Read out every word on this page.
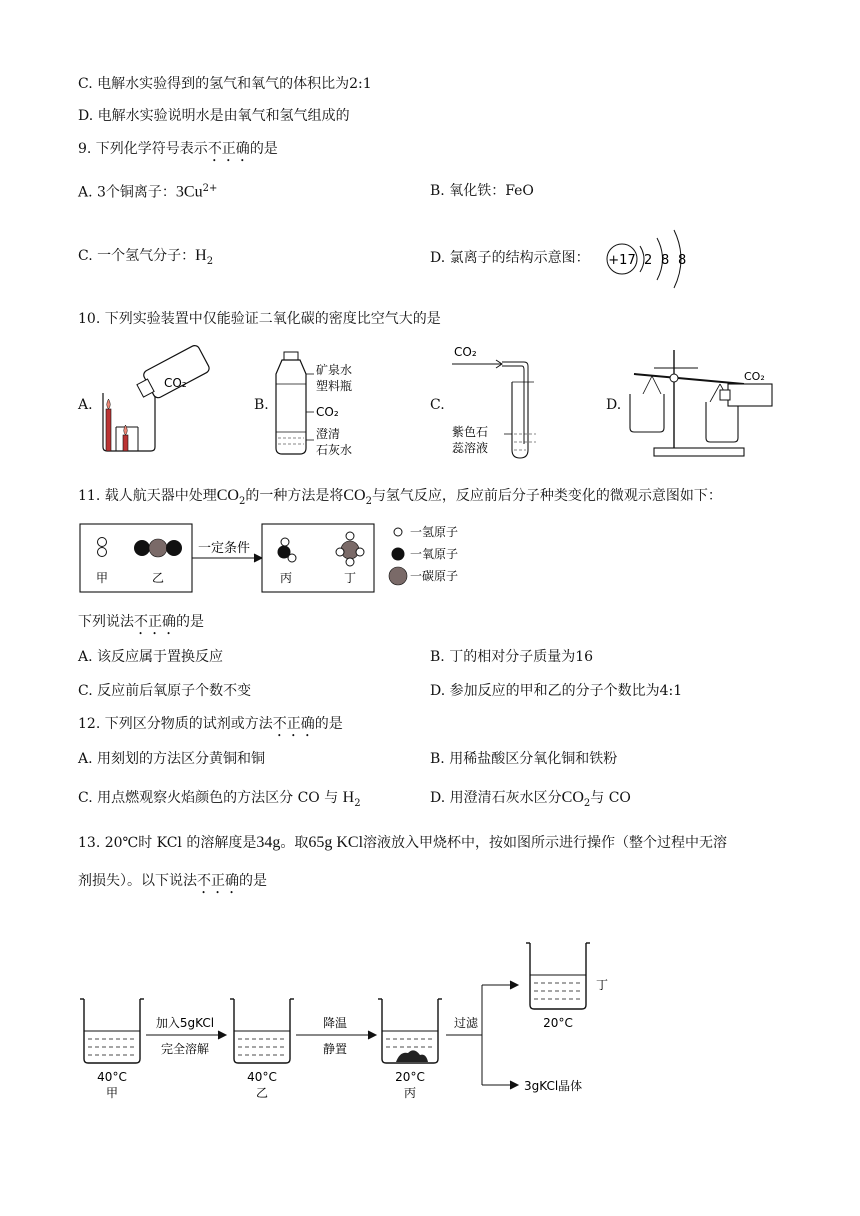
C. 电解水实验得到的氢气和氧气的体积比为2:1
D. 电解水实验说明水是由氧气和氢气组成的
9. 下列化学符号表示不正确的是
A. 3个铜离子：$3Cu^{2+}$	B. 氧化铁：FeO
C. 一个氢气分子：$H_2$	D. 氯离子的结构示意图： +17 2 8 8
10. 下列实验装置中仅能验证二氧化碳的密度比空气大的是
A.	B.	C.	D.
CO₂
矿泉水
塑料瓶
CO₂
澄清
石灰水
CO₂
紫色石
蕊溶液
CO₂
11. 载人航天器中处理$CO_2$的一种方法是将$CO_2$与氢气反应，反应前后分子种类变化的微观示意图如下：
甲	乙
一定条件
丙	丁
一氢原子
一氧原子
一碳原子
下列说法不正确的是
A. 该反应属于置换反应	B. 丁的相对分子质量为16
C. 反应前后氧原子个数不变	D. 参加反应的甲和乙的分子个数比为4:1
12. 下列区分物质的试剂或方法不正确的是
A. 用刻划的方法区分黄铜和铜	B. 用稀盐酸区分氧化铜和铁粉
C. 用点燃观察火焰颜色的方法区分 CO 与 $H_2$	D. 用澄清石灰水区分$CO_2$与 CO
13. 20℃时 KCl 的溶解度是34g。取65g KCl溶液放入甲烧杯中，按如图所示进行操作（整个过程中无溶
剂损失）。以下说法不正确的是
40°C
甲
加入5gKCl
完全溶解
40°C
乙
降温
静置
20°C
丙
过滤	20°C
丁
3gKCl晶体
